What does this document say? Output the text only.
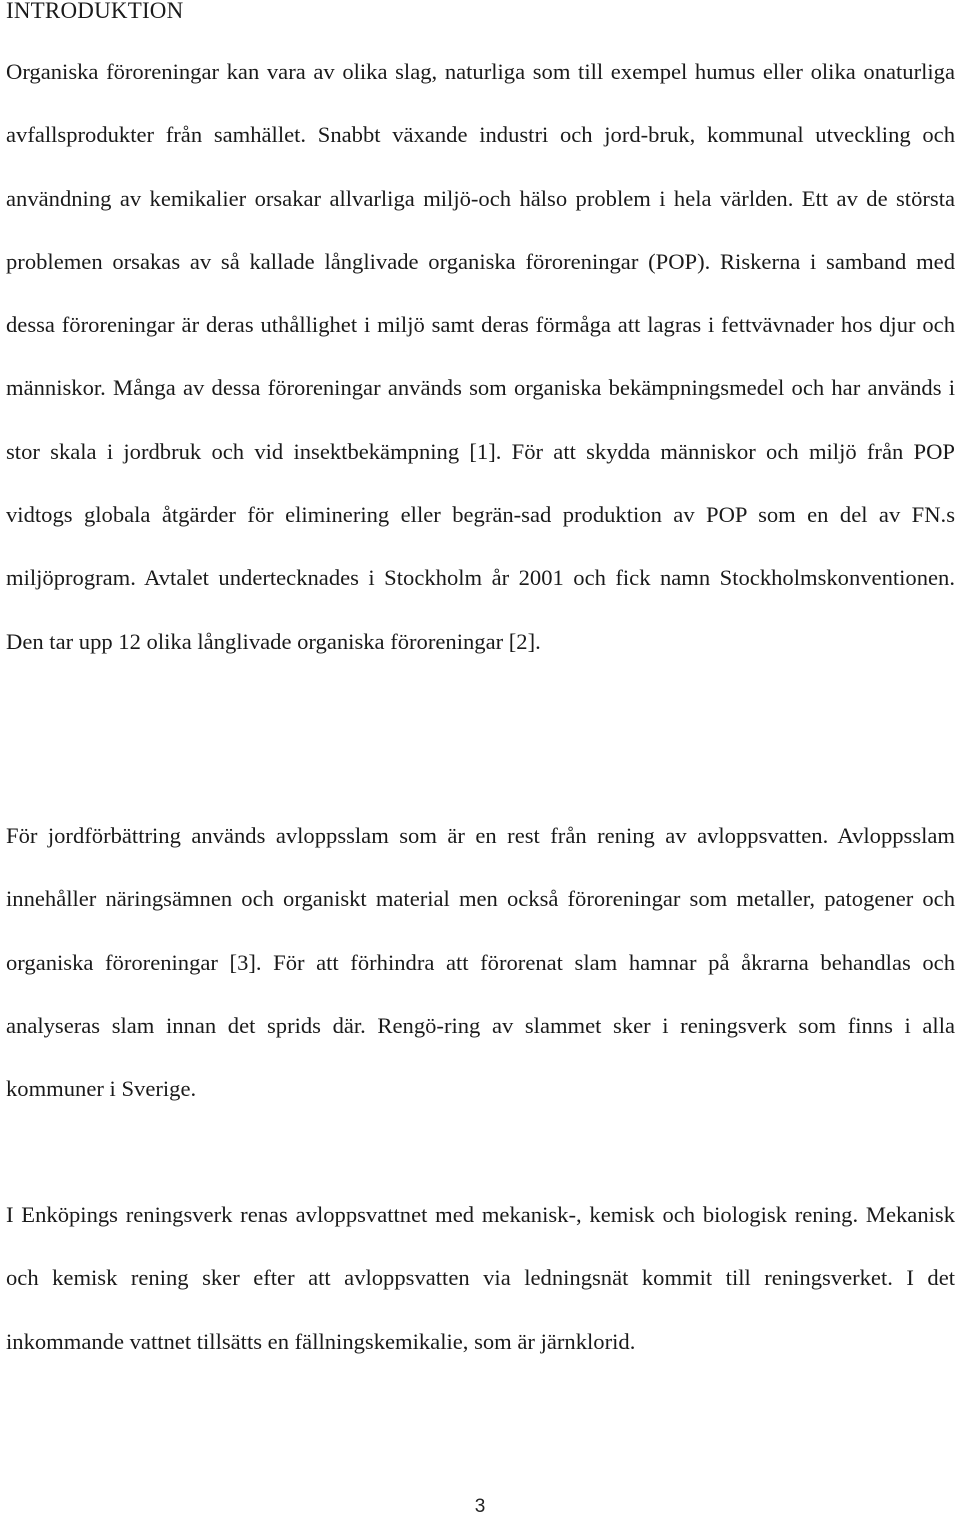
INTRODUKTION

Organiska föroreningar kan vara av olika slag, naturliga som till exempel humus eller olika onaturliga avfallsprodukter från samhället. Snabbt växande industri och jord-bruk, kommunal utveckling och användning av kemikalier orsakar allvarliga miljö-och hälso problem i hela världen. Ett av de största problemen orsakas av så kallade långlivade organiska föroreningar (POP). Riskerna i samband med dessa föroreningar är deras uthållighet i miljö samt deras förmåga att lagras i fettvävnader hos djur och människor. Många av dessa föroreningar används som organiska bekämpningsmedel och har används i stor skala i jordbruk och vid insektbekämpning [1]. För att skydda människor och miljö från POP vidtogs globala åtgärder för eliminering eller begrän-sad produktion av POP som en del av FN.s miljöprogram. Avtalet undertecknades i Stockholm år 2001 och fick namn Stockholmskonventionen. Den tar upp 12 olika långlivade organiska föroreningar [2].

För jordförbättring används avloppsslam som är en rest från rening av avloppsvatten. Avloppsslam innehåller näringsämnen och organiskt material men också föroreningar som metaller, patogener och organiska föroreningar [3]. För att förhindra att förorenat slam hamnar på åkrarna behandlas och analyseras slam innan det sprids där. Rengö-ring av slammet sker i reningsverk som finns i alla kommuner i Sverige.

I Enköpings reningsverk renas avloppsvattnet med mekanisk-, kemisk och biologisk rening. Mekanisk och kemisk rening sker efter att avloppsvatten via ledningsnät kommit till reningsverket. I det inkommande vattnet tillsätts en fällningskemikalie, som är järnklorid.

3
